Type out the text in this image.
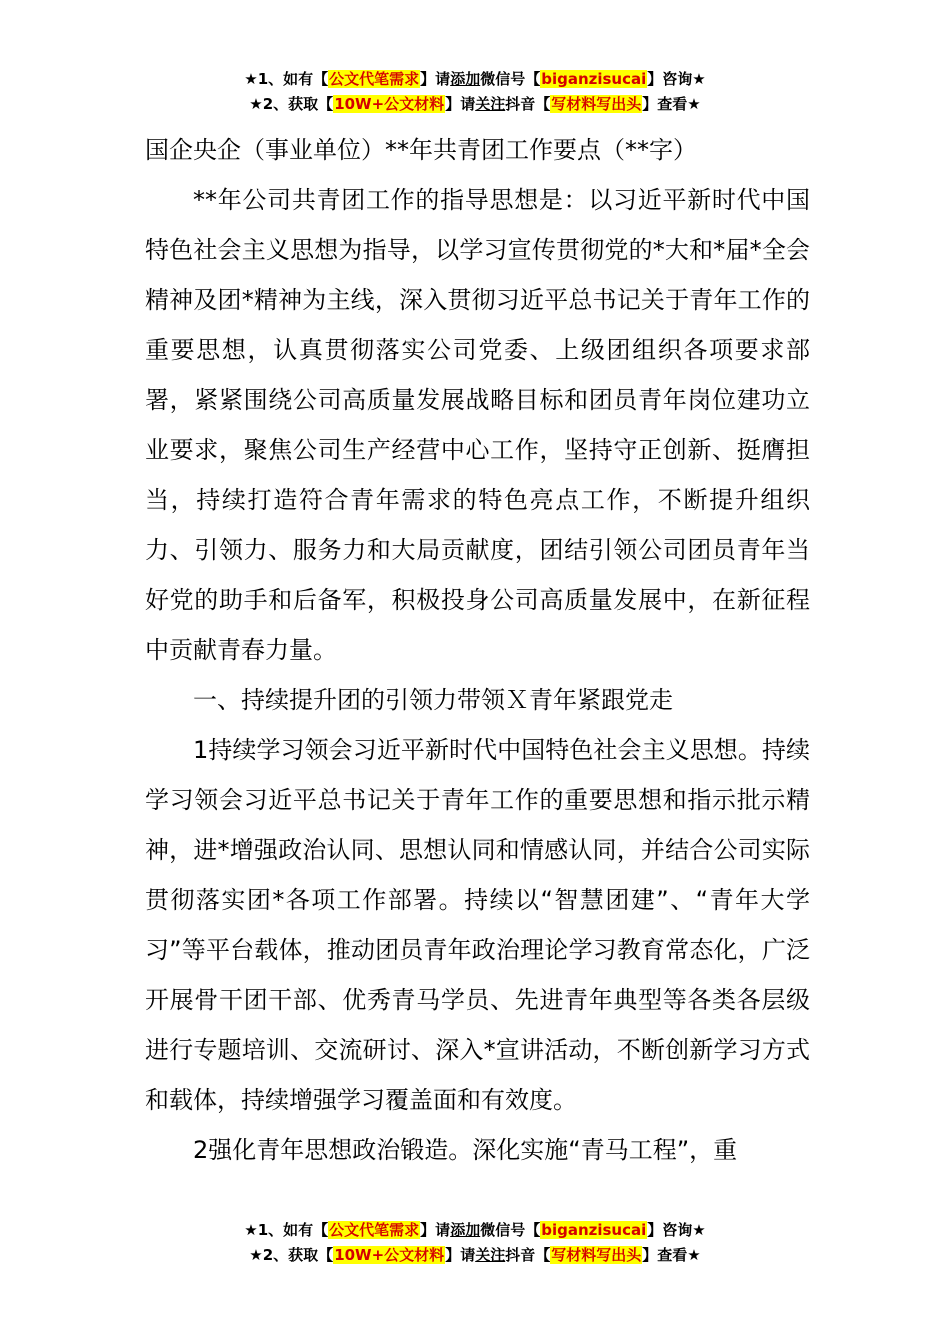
★1、如有【公文代笔需求】请添加微信号【biganzisucai】咨询★
★2、获取【10W+公文材料】请关注抖音【写材料写出头】查看★

国企央企（事业单位）**年共青团工作要点（**字）

**年公司共青团工作的指导思想是：以习近平新时代中国特色社会主义思想为指导，以学习宣传贯彻党的*大和*届*全会精神及团*精神为主线，深入贯彻习近平总书记关于青年工作的重要思想，认真贯彻落实公司党委、上级团组织各项要求部署，紧紧围绕公司高质量发展战略目标和团员青年岗位建功立业要求，聚焦公司生产经营中心工作，坚持守正创新、挺膺担当，持续打造符合青年需求的特色亮点工作，不断提升组织力、引领力、服务力和大局贡献度，团结引领公司团员青年当好党的助手和后备军，积极投身公司高质量发展中，在新征程中贡献青春力量。

一、持续提升团的引领力带领Ｘ青年紧跟党走

1持续学习领会习近平新时代中国特色社会主义思想。持续学习领会习近平总书记关于青年工作的重要思想和指示批示精神，进*增强政治认同、思想认同和情感认同，并结合公司实际贯彻落实团*各项工作部署。持续以“智慧团建”、“青年大学习”等平台载体，推动团员青年政治理论学习教育常态化，广泛开展骨干团干部、优秀青马学员、先进青年典型等各类各层级进行专题培训、交流研讨、深入*宣讲活动，不断创新学习方式和载体，持续增强学习覆盖面和有效度。

2强化青年思想政治锻造。深化实施“青马工程”，重

★1、如有【公文代笔需求】请添加微信号【biganzisucai】咨询★
★2、获取【10W+公文材料】请关注抖音【写材料写出头】查看★
